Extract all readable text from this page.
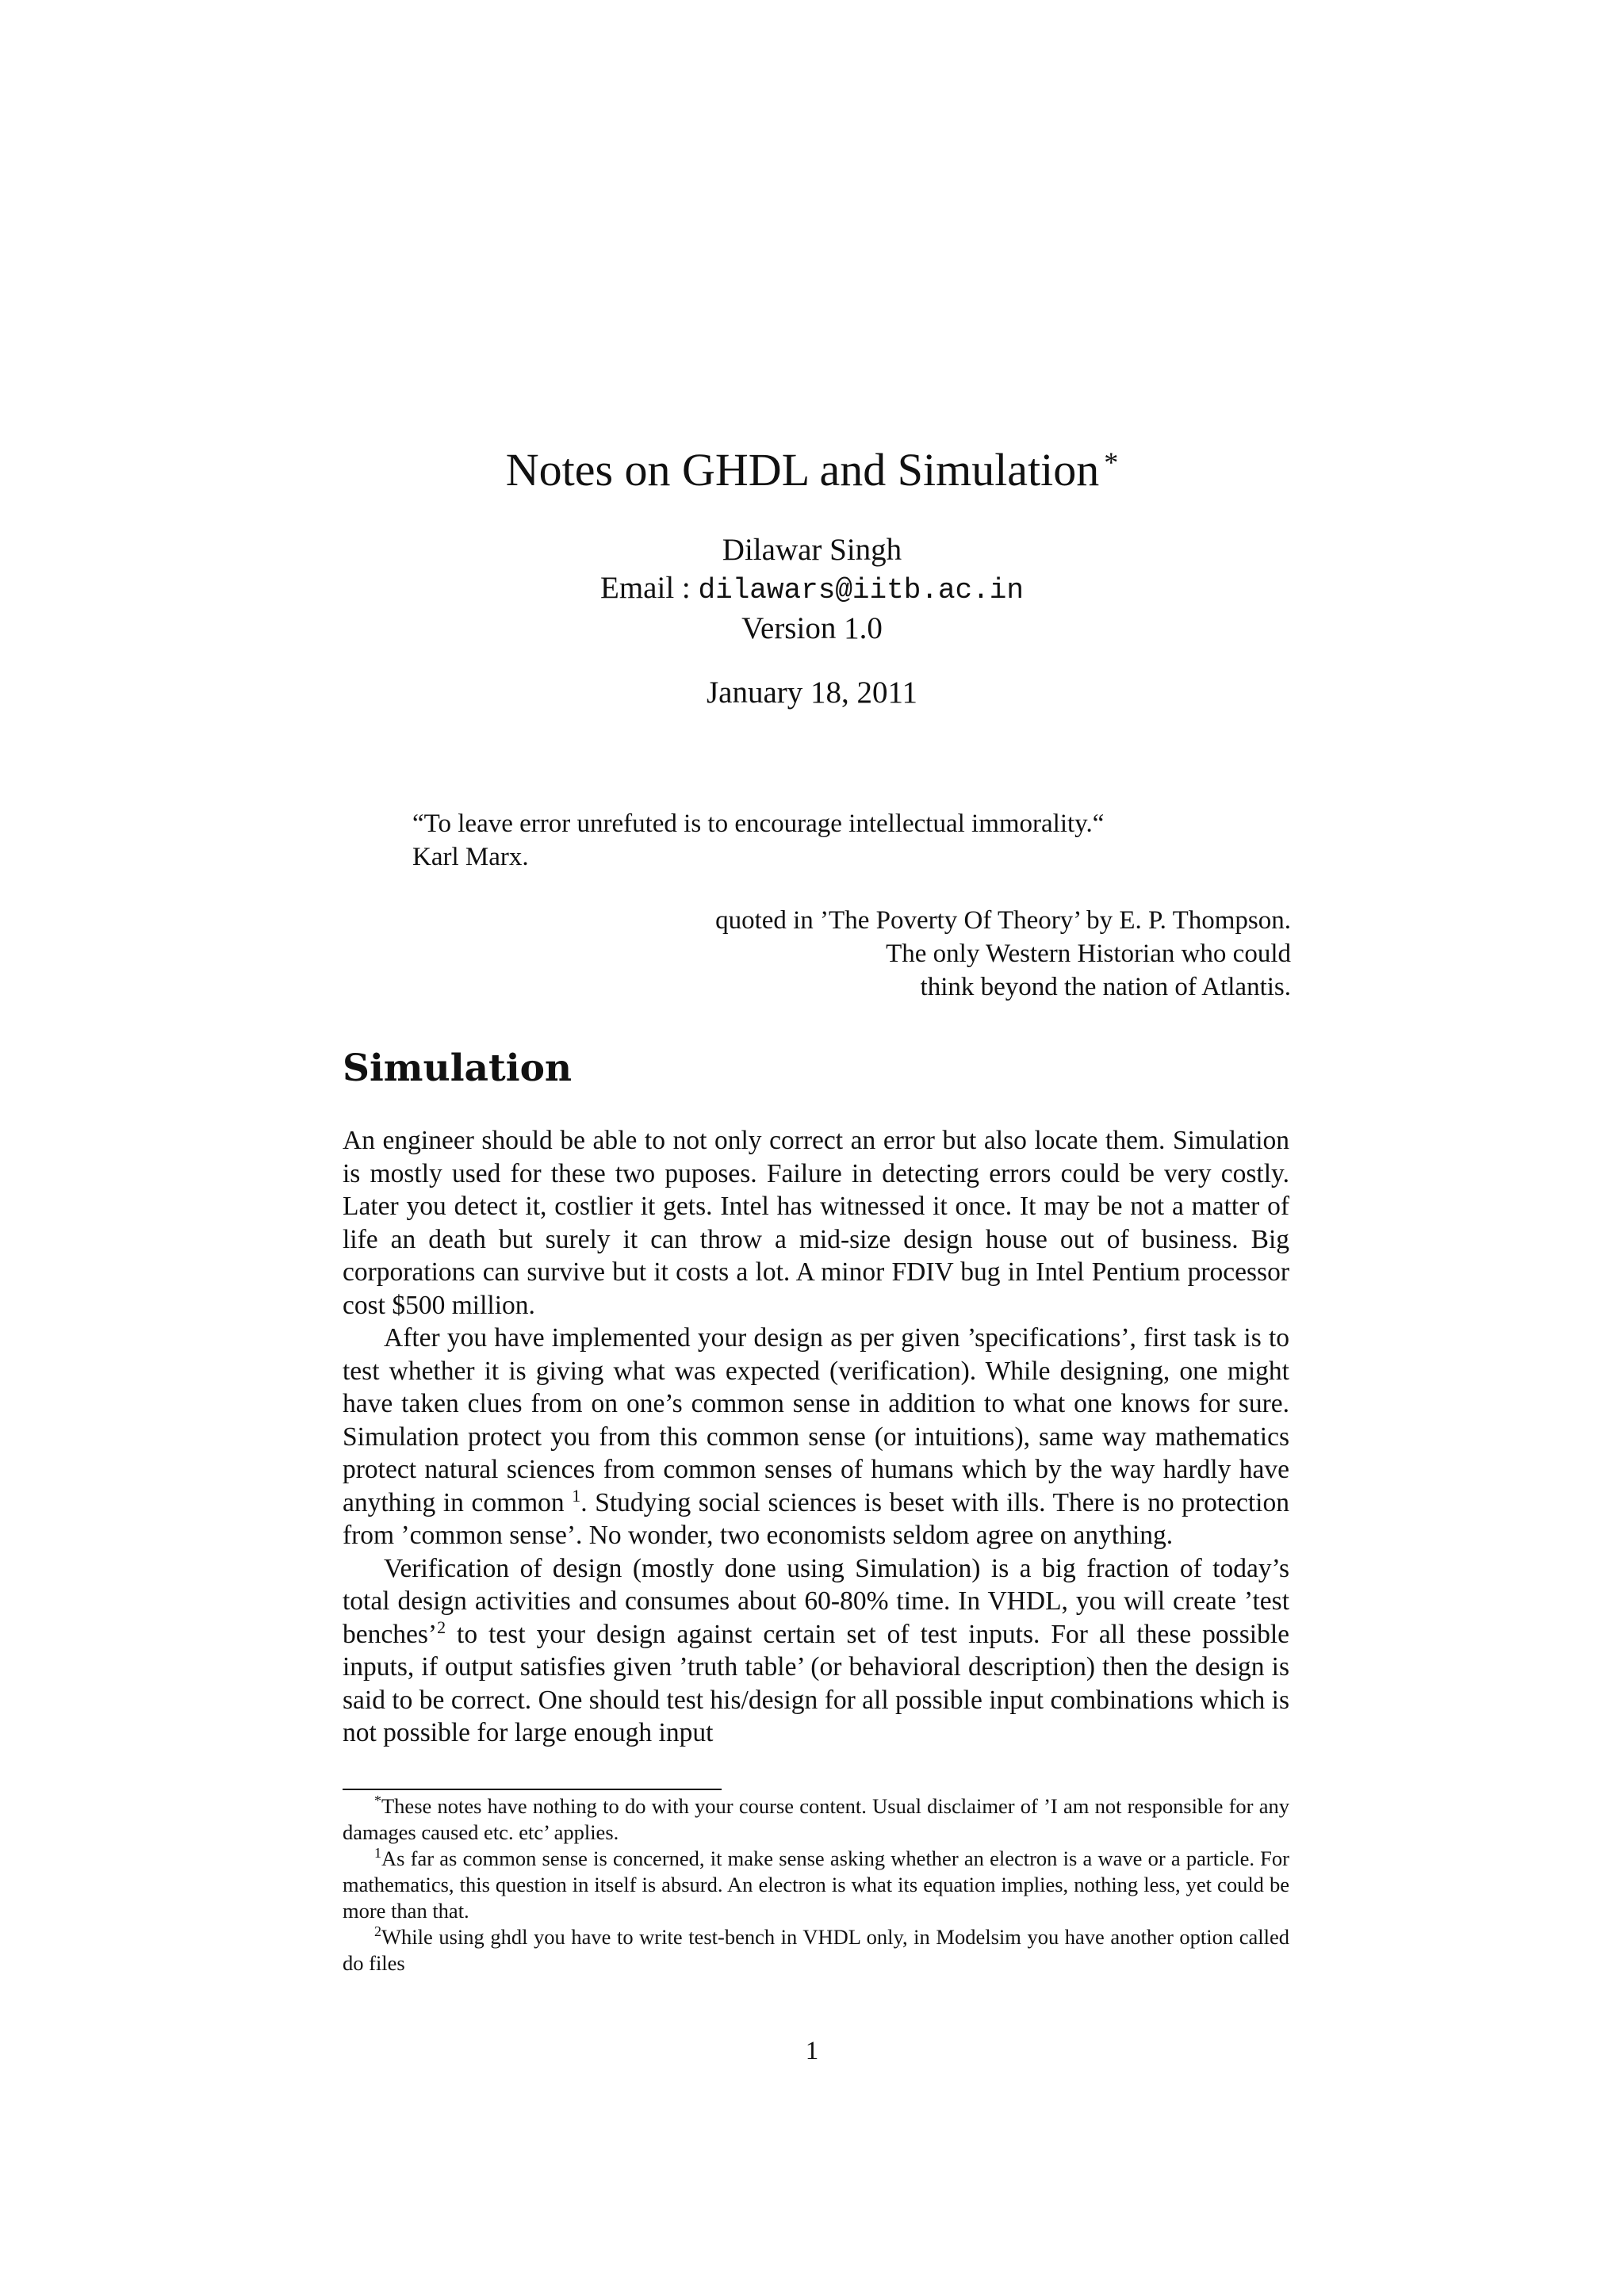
Notes on GHDL and Simulation *
Dilawar Singh
Email : dilawars@iitb.ac.in
Version 1.0
January 18, 2011
“To leave error unrefuted is to encourage intellectual immorality.“
Karl Marx.
quoted in ’The Poverty Of Theory’ by E. P. Thompson.
The only Western Historian who could
think beyond the nation of Atlantis.
Simulation

An engineer should be able to not only correct an error but also locate them. Simulation is mostly used for these two puposes. Failure in detecting errors could be very costly. Later you detect it, costlier it gets. Intel has witnessed it once. It may be not a matter of life an death but surely it can throw a mid-size design house out of business. Big corporations can survive but it costs a lot. A minor FDIV bug in Intel Pentium processor cost $500 million.

After you have implemented your design as per given ’specifications’, first task is to test whether it is giving what was expected (verification). While designing, one might have taken clues from on one’s common sense in addition to what one knows for sure. Simulation protect you from this common sense (or intuitions), same way mathematics protect natural sciences from common senses of humans which by the way hardly have anything in common $^1$. Studying social sciences is beset with ills. There is no protection from ’common sense’. No wonder, two economists seldom agree on anything.

Verification of design (mostly done using Simulation) is a big fraction of today’s total design activities and consumes about 60-80% time. In VHDL, you will create ’test benches’$^2$ to test your design against certain set of test inputs. For all these possible inputs, if output satisfies given ’truth table’ (or behavioral description) then the design is said to be correct. One should test his/design for all possible input combinations which is not possible for large enough input

*These notes have nothing to do with your course content. Usual disclaimer of ’I am not responsible for any damages caused etc. etc’ applies.

$^1$As far as common sense is concerned, it make sense asking whether an electron is a wave or a particle. For mathematics, this question in itself is absurd. An electron is what its equation implies, nothing less, yet could be more than that.

$^2$While using ghdl you have to write test-bench in VHDL only, in Modelsim you have another option called do files

1
